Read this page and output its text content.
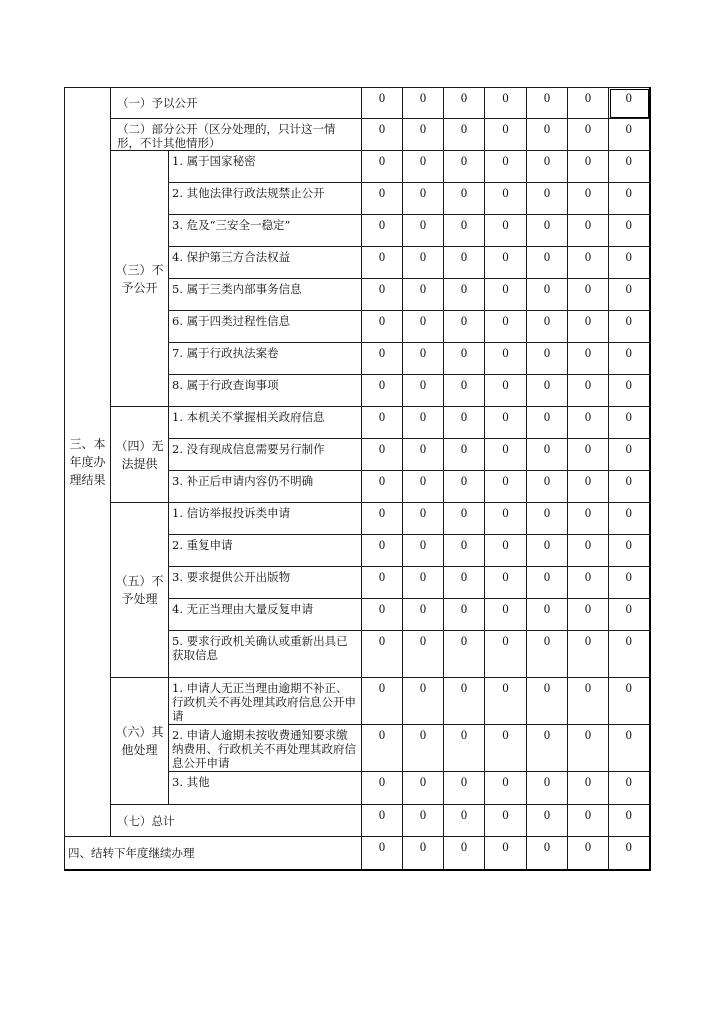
三、本年度办理结果	（一）予以公开		0	0	0	0	0	0	0
	（二）部分公开（区分处理的，只计这一情形，不计其他情形）		0	0	0	0	0	0	0
	（三）不予公开	1. 属于国家秘密	0	0	0	0	0	0	0
		2. 其他法律行政法规禁止公开	0	0	0	0	0	0	0
		3. 危及“三安全一稳定”	0	0	0	0	0	0	0
		4. 保护第三方合法权益	0	0	0	0	0	0	0
		5. 属于三类内部事务信息	0	0	0	0	0	0	0
		6. 属于四类过程性信息	0	0	0	0	0	0	0
		7. 属于行政执法案卷	0	0	0	0	0	0	0
		8. 属于行政查询事项	0	0	0	0	0	0	0
	（四）无法提供	1. 本机关不掌握相关政府信息	0	0	0	0	0	0	0
		2. 没有现成信息需要另行制作	0	0	0	0	0	0	0
		3. 补正后申请内容仍不明确	0	0	0	0	0	0	0
	（五）不予处理	1. 信访举报投诉类申请	0	0	0	0	0	0	0
		2. 重复申请	0	0	0	0	0	0	0
		3. 要求提供公开出版物	0	0	0	0	0	0	0
		4. 无正当理由大量反复申请	0	0	0	0	0	0	0
		5. 要求行政机关确认或重新出具已获取信息	0	0	0	0	0	0	0
	（六）其他处理	1. 申请人无正当理由逾期不补正、行政机关不再处理其政府信息公开申请	0	0	0	0	0	0	0
		2. 申请人逾期未按收费通知要求缴纳费用、行政机关不再处理其政府信息公开申请	0	0	0	0	0	0	0
		3. 其他	0	0	0	0	0	0	0
	（七）总计		0	0	0	0	0	0	0
四、结转下年度继续办理			0	0	0	0	0	0	0
